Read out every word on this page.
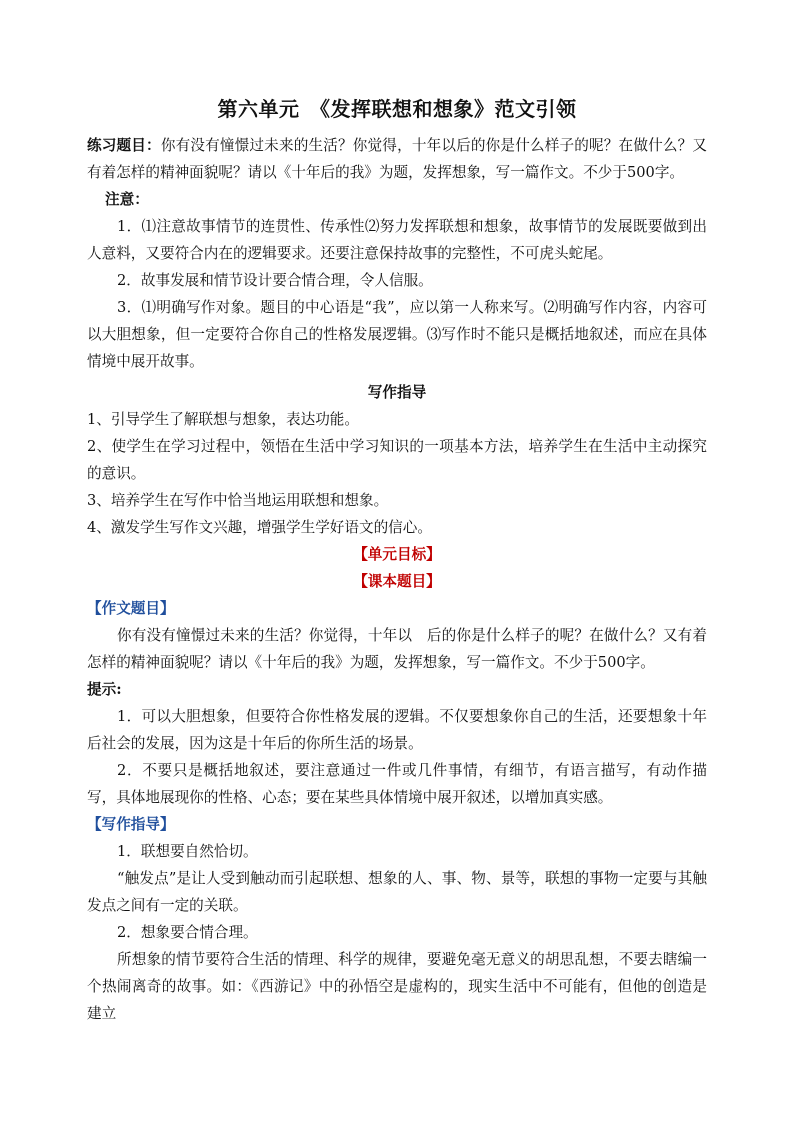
第六单元　《发挥联想和想象》范文引领

练习题目：你有没有憧憬过未来的生活？你觉得，十年以后的你是什么样子的呢？在做什么？又有着怎样的精神面貌呢？请以《十年后的我》为题，发挥想象，写一篇作文。不少于500字。

注意：

1．⑴注意故事情节的连贯性、传承性⑵努力发挥联想和想象，故事情节的发展既要做到出人意料，又要符合内在的逻辑要求。还要注意保持故事的完整性，不可虎头蛇尾。

2．故事发展和情节设计要合情合理，令人信服。

3．⑴明确写作对象。题目的中心语是“我”，应以第一人称来写。⑵明确写作内容，内容可以大胆想象，但一定要符合你自己的性格发展逻辑。⑶写作时不能只是概括地叙述，而应在具体情境中展开故事。

写作指导

1、引导学生了解联想与想象，表达功能。

2、使学生在学习过程中，领悟在生活中学习知识的一项基本方法，培养学生在生活中主动探究的意识。

3、培养学生在写作中恰当地运用联想和想象。

4、激发学生写作文兴趣，增强学生学好语文的信心。

【单元目标】

【课本题目】

【作文题目】

你有没有憧憬过未来的生活？你觉得，十年以　后的你是什么样子的呢？在做什么？又有着怎样的精神面貌呢？请以《十年后的我》为题，发挥想象，写一篇作文。不少于500字。

提示:

1．可以大胆想象，但要符合你性格发展的逻辑。不仅要想象你自己的生活，还要想象十年后社会的发展，因为这是十年后的你所生活的场景。

2．不要只是概括地叙述，要注意通过一件或几件事情，有细节，有语言描写，有动作描写，具体地展现你的性格、心态；要在某些具体情境中展开叙述，以增加真实感。

【写作指导】

1．联想要自然恰切。

“触发点”是让人受到触动而引起联想、想象的人、事、物、景等，联想的事物一定要与其触发点之间有一定的关联。

2．想象要合情合理。

所想象的情节要符合生活的情理、科学的规律，要避免毫无意义的胡思乱想，不要去瞎编一个热闹离奇的故事。如：《西游记》中的孙悟空是虚构的，现实生活中不可能有，但他的创造是建立
